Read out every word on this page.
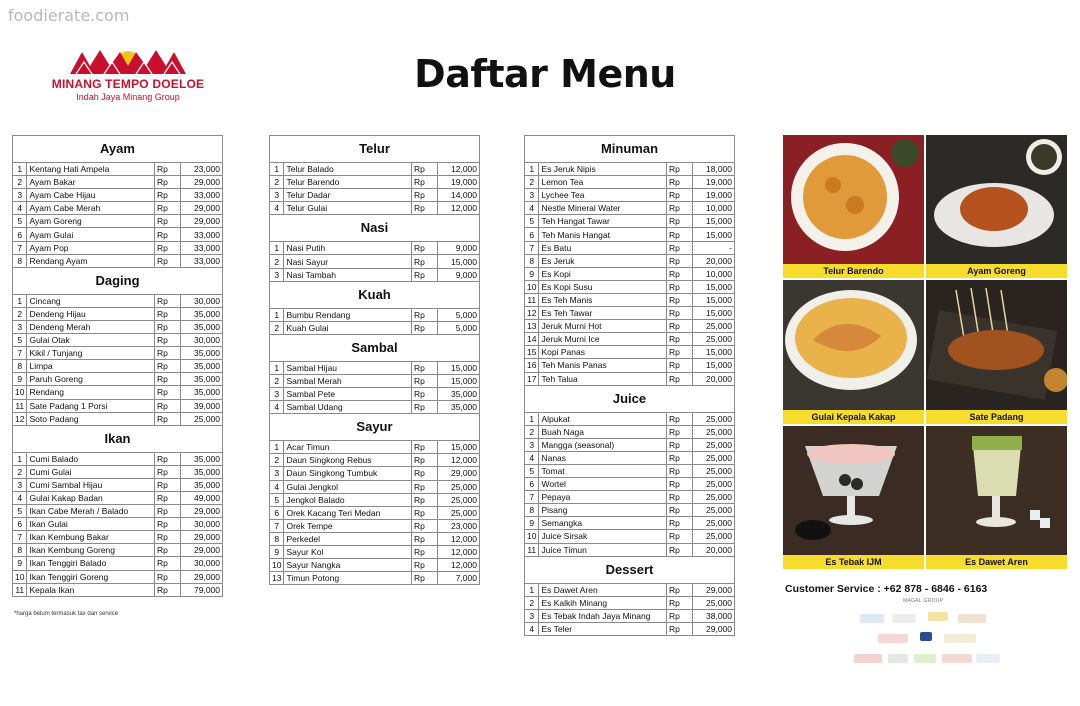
foodierate.com
MINANG TEMPO DOELOE
Indah Jaya Minang Group
Daftar Menu
Ayam			
1	Kentang Hati Ampela	Rp	23,000
2	Ayam Bakar	Rp	29,000
3	Ayam Cabe Hijau	Rp	33,000
4	Ayam Cabe Merah	Rp	29,000
5	Ayam Goreng	Rp	29,000
6	Ayam Gulai	Rp	33,000
7	Ayam Pop	Rp	33,000
8	Rendang Ayam	Rp	33,000
Daging			
1	Cincang	Rp	30,000
2	Dendeng Hijau	Rp	35,000
3	Dendeng Merah	Rp	35,000
5	Gulai Otak	Rp	30,000
7	Kikil / Tunjang	Rp	35,000
8	Limpa	Rp	35,000
9	Paruh Goreng	Rp	35,000
10	Rendang	Rp	35,000
11	Sate Padang 1 Porsi	Rp	39,000
12	Soto Padang	Rp	25,000
Ikan			
1	Cumi Balado	Rp	35,000
2	Cumi Gulai	Rp	35,000
3	Cumi Sambal Hijau	Rp	35,000
4	Gulai Kakap Badan	Rp	49,000
5	Ikan Cabe Merah / Balado	Rp	29,000
6	Ikan Gulai	Rp	30,000
7	Ikan Kembung Bakar	Rp	29,000
8	Ikan Kembung Goreng	Rp	29,000
9	Ikan Tenggiri Balado	Rp	30,000
10	Ikan Tenggiri Goreng	Rp	29,000
11	Kepala Ikan	Rp	79,000
Telur			
1	Telur Balado	Rp	12,000
2	Telur Barendo	Rp	19,000
3	Telur Dadar	Rp	14,000
4	Telur Gulai	Rp	12,000
Nasi			
1	Nasi Putih	Rp	9,000
2	Nasi Sayur	Rp	15,000
3	Nasi Tambah	Rp	9,000
Kuah			
1	Bumbu Rendang	Rp	5,000
2	Kuah Gulai	Rp	5,000
Sambal			
1	Sambal Hijau	Rp	15,000
2	Sambal Merah	Rp	15,000
3	Sambal Pete	Rp	35,000
4	Sambal Udang	Rp	35,000
Sayur			
1	Acar Timun	Rp	15,000
2	Daun Singkong Rebus	Rp	12,000
3	Daun Singkong Tumbuk	Rp	29,000
4	Gulai Jengkol	Rp	25,000
5	Jengkol Balado	Rp	25,000
6	Orek Kacang Teri Medan	Rp	25,000
7	Orek Tempe	Rp	23,000
8	Perkedel	Rp	12,000
9	Sayur Kol	Rp	12,000
10	Sayur Nangka	Rp	12,000
13	Timun Potong	Rp	7,000
Minuman			
1	Es Jeruk Nipis	Rp	18,000
2	Lemon Tea	Rp	19,000
3	Lychee Tea	Rp	19,000
4	Nestle Mineral Water	Rp	10,000
5	Teh Hangat Tawar	Rp	15,000
6	Teh Manis Hangat	Rp	15,000
7	Es Batu	Rp	-
8	Es Jeruk	Rp	20,000
9	Es Kopi	Rp	10,000
10	Es Kopi Susu	Rp	15,000
11	Es Teh Manis	Rp	15,000
12	Es Teh Tawar	Rp	15,000
13	Jeruk Murni Hot	Rp	25,000
14	Jeruk Murni Ice	Rp	25,000
15	Kopi Panas	Rp	15,000
16	Teh Manis Panas	Rp	15,000
17	Teh Talua	Rp	20,000
Juice			
1	Alpukat	Rp	25,000
2	Buah Naga	Rp	25,000
3	Mangga (seasonal)	Rp	25,000
4	Nanas	Rp	25,000
5	Tomat	Rp	25,000
6	Wortel	Rp	25,000
7	Pepaya	Rp	25,000
8	Pisang	Rp	25,000
9	Semangka	Rp	25,000
10	Juice Sirsak	Rp	25,000
11	Juice Timun	Rp	20,000
Dessert			
1	Es Dawet Aren	Rp	29,000
2	Es Kalkih Minang	Rp	25,000
3	Es Tebak Indah Jaya Minang	Rp	38,000
4	Es Teler	Rp	29,000
Telur Barendo	Ayam Goreng
Gulai Kepala Kakap	Sate Padang
Es Tebak IJM	Es Dawet Aren
Customer Service : +62 878 - 6846 - 6163
MAGAL GROUP
*harga belum termasuk tax dan service
